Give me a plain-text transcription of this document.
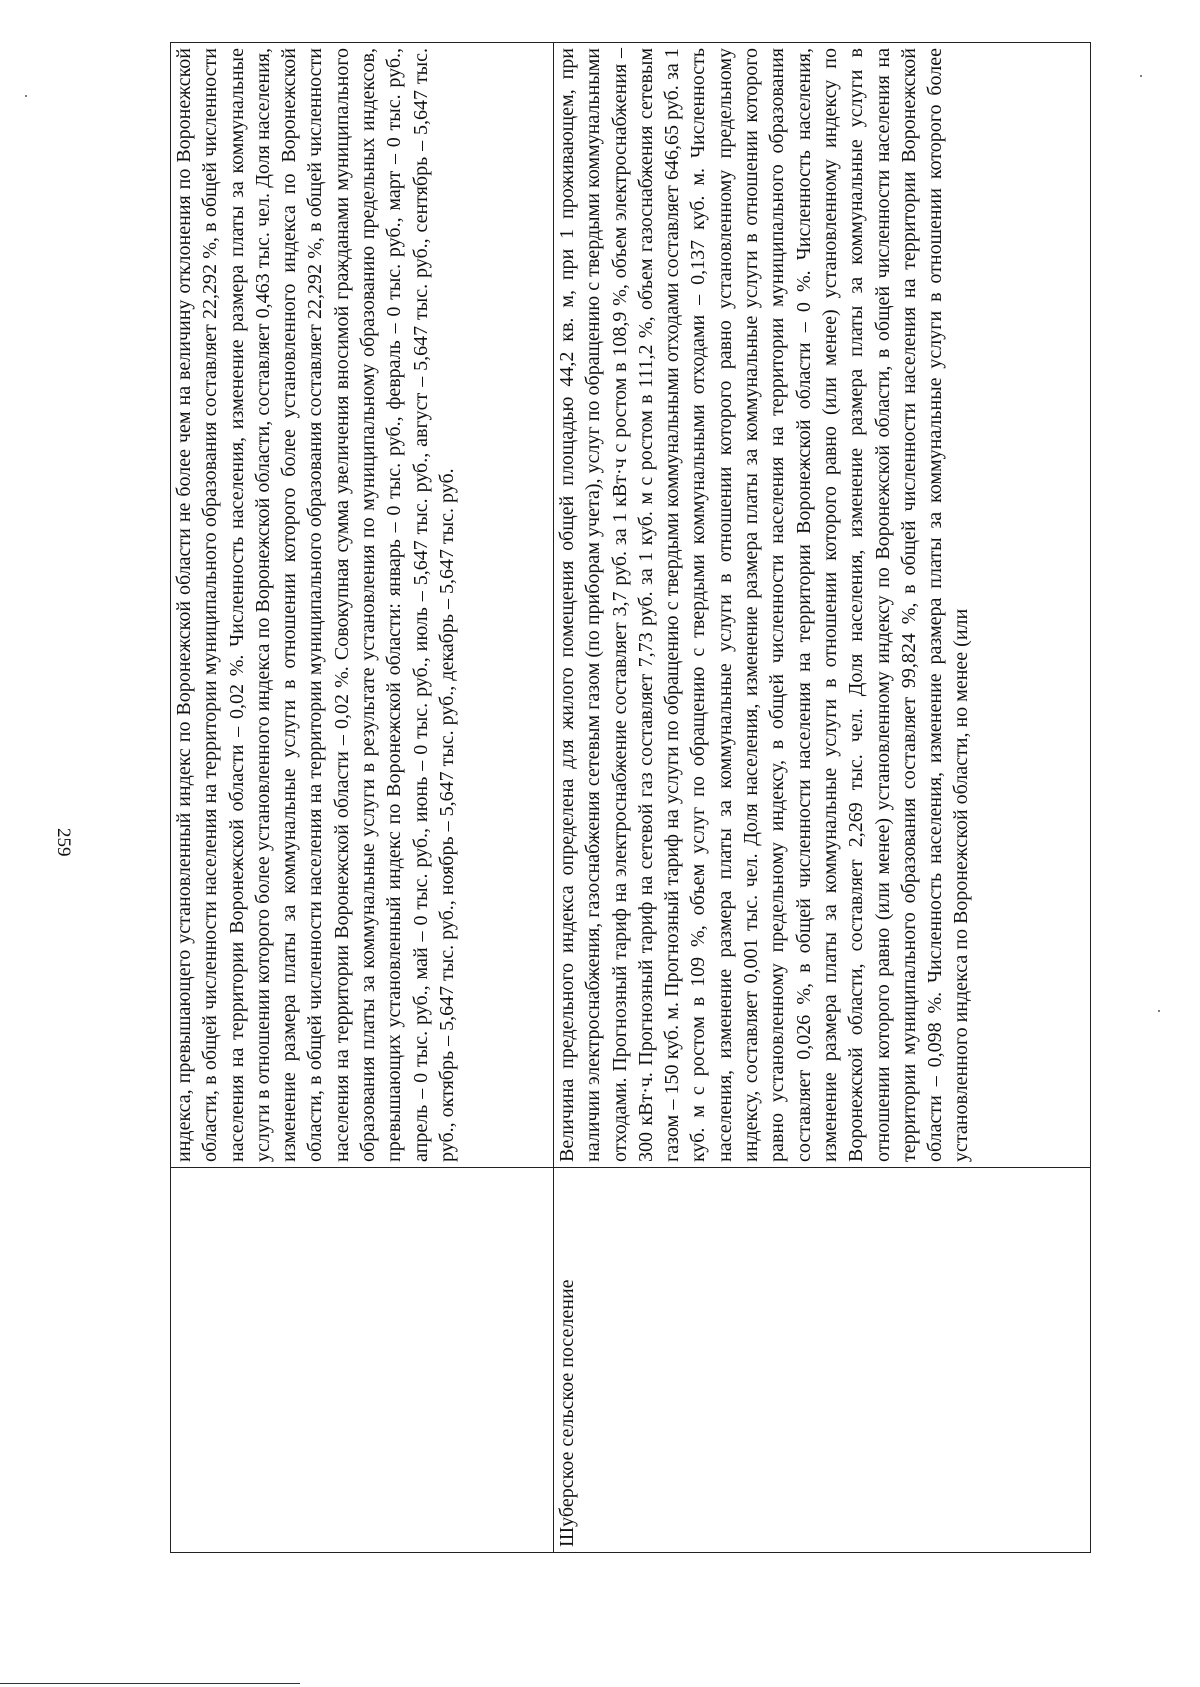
259
		индекса, превышающего установленный индекс по Воронежской области не более чем на величину отклонения по Воронежской области, в общей численности населения на территории муниципального образования составляет 22,292 %, в общей численности населения на территории Воронежской области – 0,02 %. Численность населения, изменение размера платы за коммунальные услуги в отношении которого более установленного индекса по Воронежской области, составляет 0,463 тыс. чел. Доля населения, изменение размера платы за коммунальные услуги в отношении которого более установленного индекса по Воронежской области, в общей численности населения на территории муниципального образования составляет 22,292 %, в общей численности населения на территории Воронежской области – 0,02 %. Совокупная сумма увеличения вносимой гражданами муниципального образования платы за коммунальные услуги в результате установления по муниципальному образованию предельных индексов, превышающих установленный индекс по Воронежской области: январь – 0 тыс. руб., февраль – 0 тыс. руб., март – 0 тыс. руб., апрель – 0 тыс. руб., май – 0 тыс. руб., июнь – 0 тыс. руб., июль – 5,647 тыс. руб., август – 5,647 тыс. руб., сентябрь – 5,647 тыс. руб., октябрь – 5,647 тыс. руб., ноябрь – 5,647 тыс. руб., декабрь – 5,647 тыс. руб.
Шуберское сельское поселение	Величина предельного индекса определена для жилого помещения общей площадью 44,2 кв. м, при 1 проживающем, при наличии электроснабжения, газоснабжения сетевым газом (по приборам учета), услуг по обращению с твердыми коммунальными отходами. Прогнозный тариф на электроснабжение составляет 3,7 руб. за 1 кВт·ч с ростом в 108,9 %, объем электроснабжения – 300 кВт·ч. Прогнозный тариф на сетевой газ составляет 7,73 руб. за 1 куб. м с ростом в 111,2 %, объем газоснабжения сетевым газом – 150 куб. м. Прогнозный тариф на услуги по обращению с твердыми коммунальными отходами составляет 646,65 руб. за 1 куб. м с ростом в 109 %, объем услуг по обращению с твердыми коммунальными отходами – 0,137 куб. м. Численность населения, изменение размера платы за коммунальные услуги в отношении которого равно установленному предельному индексу, составляет 0,001 тыс. чел. Доля населения, изменение размера платы за коммунальные услуги в отношении которого равно установленному предельному индексу, в общей численности населения на территории муниципального образования составляет 0,026 %, в общей численности населения на территории Воронежской области – 0 %. Численность населения, изменение размера платы за коммунальные услуги в отношении которого равно (или менее) установленному индексу по Воронежской области, составляет 2,269 тыс. чел. Доля населения, изменение размера платы за коммунальные услуги в отношении которого равно (или менее) установленному индексу по Воронежской области, в общей численности населения на территории муниципального образования составляет 99,824 %, в общей численности населения на территории Воронежской области – 0,098 %. Численность населения, изменение размера платы за коммунальные услуги в отношении которого более установленного индекса по Воронежской области, но менее (или
